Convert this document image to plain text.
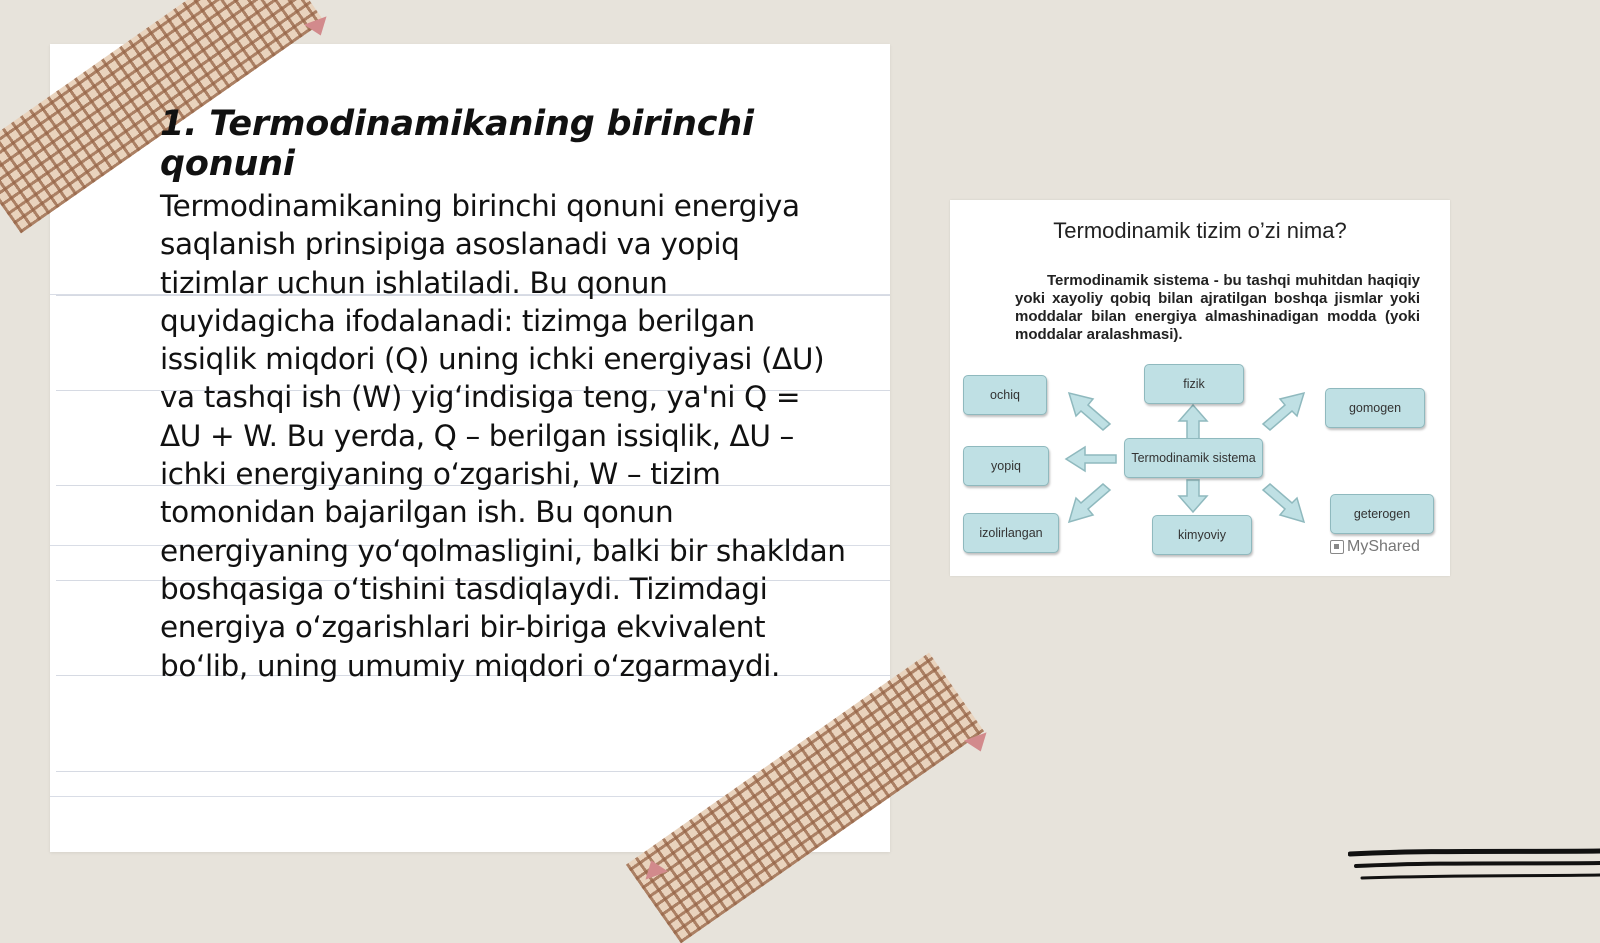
1. Termodinamikaning birinchi qonuni

Termodinamikaning birinchi qonuni energiya saqlanish prinsipiga asoslanadi va yopiq tizimlar uchun ishlatiladi. Bu qonun quyidagicha ifodalanadi: tizimga berilgan issiqlik miqdori (Q) uning ichki energiyasi (ΔU) va tashqi ish (W) yig‘indisiga teng, ya'ni Q = ΔU + W. Bu yerda, Q – berilgan issiqlik, ΔU – ichki energiyaning o‘zgarishi, W – tizim tomonidan bajarilgan ish. Bu qonun energiyaning yo‘qolmasligini, balki bir shakldan boshqasiga o‘tishini tasdiqlaydi. Tizimdagi energiya o‘zgarishlari bir-biriga ekvivalent bo‘lib, uning umumiy miqdori o‘zgarmaydi.

Termodinamik tizim o’zi nima?
Termodinamik sistema - bu tashqi muhitdan haqiqiy yoki xayoliy qobiq bilan ajratilgan boshqa jismlar yoki moddalar bilan energiya almashinadigan modda (yoki moddalar aralashmasi).
Termodinamik sistema
ochiq
yopiq
izolirlangan
fizik
kimyoviy
gomogen
geterogen
MyShared
